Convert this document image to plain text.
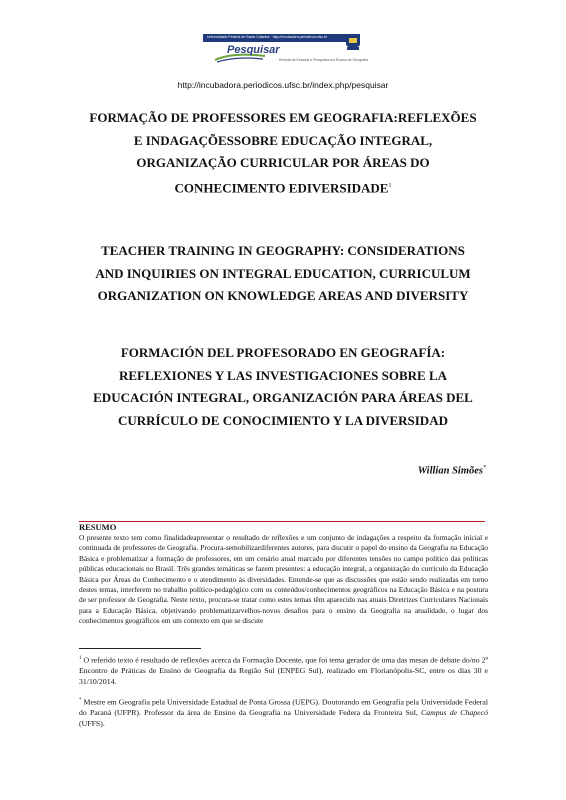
Universidade Federal de Santa Catarina · http://incubadora.periodicos.ufsc.br
Pesquisar
Revista de Estudos e Pesquisas em Ensino de Geografia
http://incubadora.periodicos.ufsc.br/index.php/pesquisar
FORMAÇÃO DE PROFESSORES EM GEOGRAFIA:REFLEXÕES
E INDAGAÇÕESSOBRE EDUCAÇÃO INTEGRAL,
ORGANIZAÇÃO CURRICULAR POR ÁREAS DO
CONHECIMENTO EDIVERSIDADE$^1$
TEACHER TRAINING IN GEOGRAPHY: CONSIDERATIONS
AND INQUIRIES ON INTEGRAL EDUCATION, CURRICULUM
ORGANIZATION ON KNOWLEDGE AREAS AND DIVERSITY
FORMACIÓN DEL PROFESORADO EN GEOGRAFÍA:
REFLEXIONES Y LAS INVESTIGACIONES SOBRE LA
EDUCACIÓN INTEGRAL, ORGANIZACIÓN PARA ÁREAS DEL
CURRÍCULO DE CONOCIMIENTO Y LA DIVERSIDAD
Willian Simões*
RESUMO
O presente texto tem como finalidadeapresentar o resultado de reflexões e um conjunto de indagações a respeito da formação inicial e continuada de professores de Geografia. Procura-semobilizardiferentes autores, para discutir o papel do ensino da Geografia na Educação Básica e problematizar a formação de professores, em um cenário atual marcado por diferentes tensões no campo político das políticas públicas educacionais no Brasil. Três grandes temáticas se fazem presentes: a educação integral, a organização do currículo da Educação Básica por Áreas do Conhecimento e o atendimento às diversidades. Entende-se que as discussões que estão sendo realizadas em torno destes temas, interferem no trabalho político-pedagógico com os conteúdos/conhecimentos geográficos na Educação Básica e na postura de ser professor de Geografia. Neste texto, procura-se tratar como estes temas têm aparecido nas atuais Diretrizes Curriculares Nacionais para a Educação Básica, objetivando problematizarvelhos-novos desafios para o ensino da Geografia na atualidade, o lugar dos conhecimentos geográficos em um contexto em que se discute
$^1$ O referido texto é resultado de reflexões acerca da Formação Docente, que foi tema gerador de uma das mesas de debate do/no 2º Encontro de Práticas de Ensino de Geografia da Região Sul (ENPEG Sul), realizado em Florianópolis-SC, entre os dias 30 e 31/10/2014.
* Mestre em Geografia pela Universidade Estadual de Ponta Grossa (UEPG). Doutorando em Geografia pela Universidade Federal do Paraná (UFPR). Professor da área de Ensino da Geografia na Universidade Federa da Fronteira Sul, Campus de Chapecó (UFFS).
